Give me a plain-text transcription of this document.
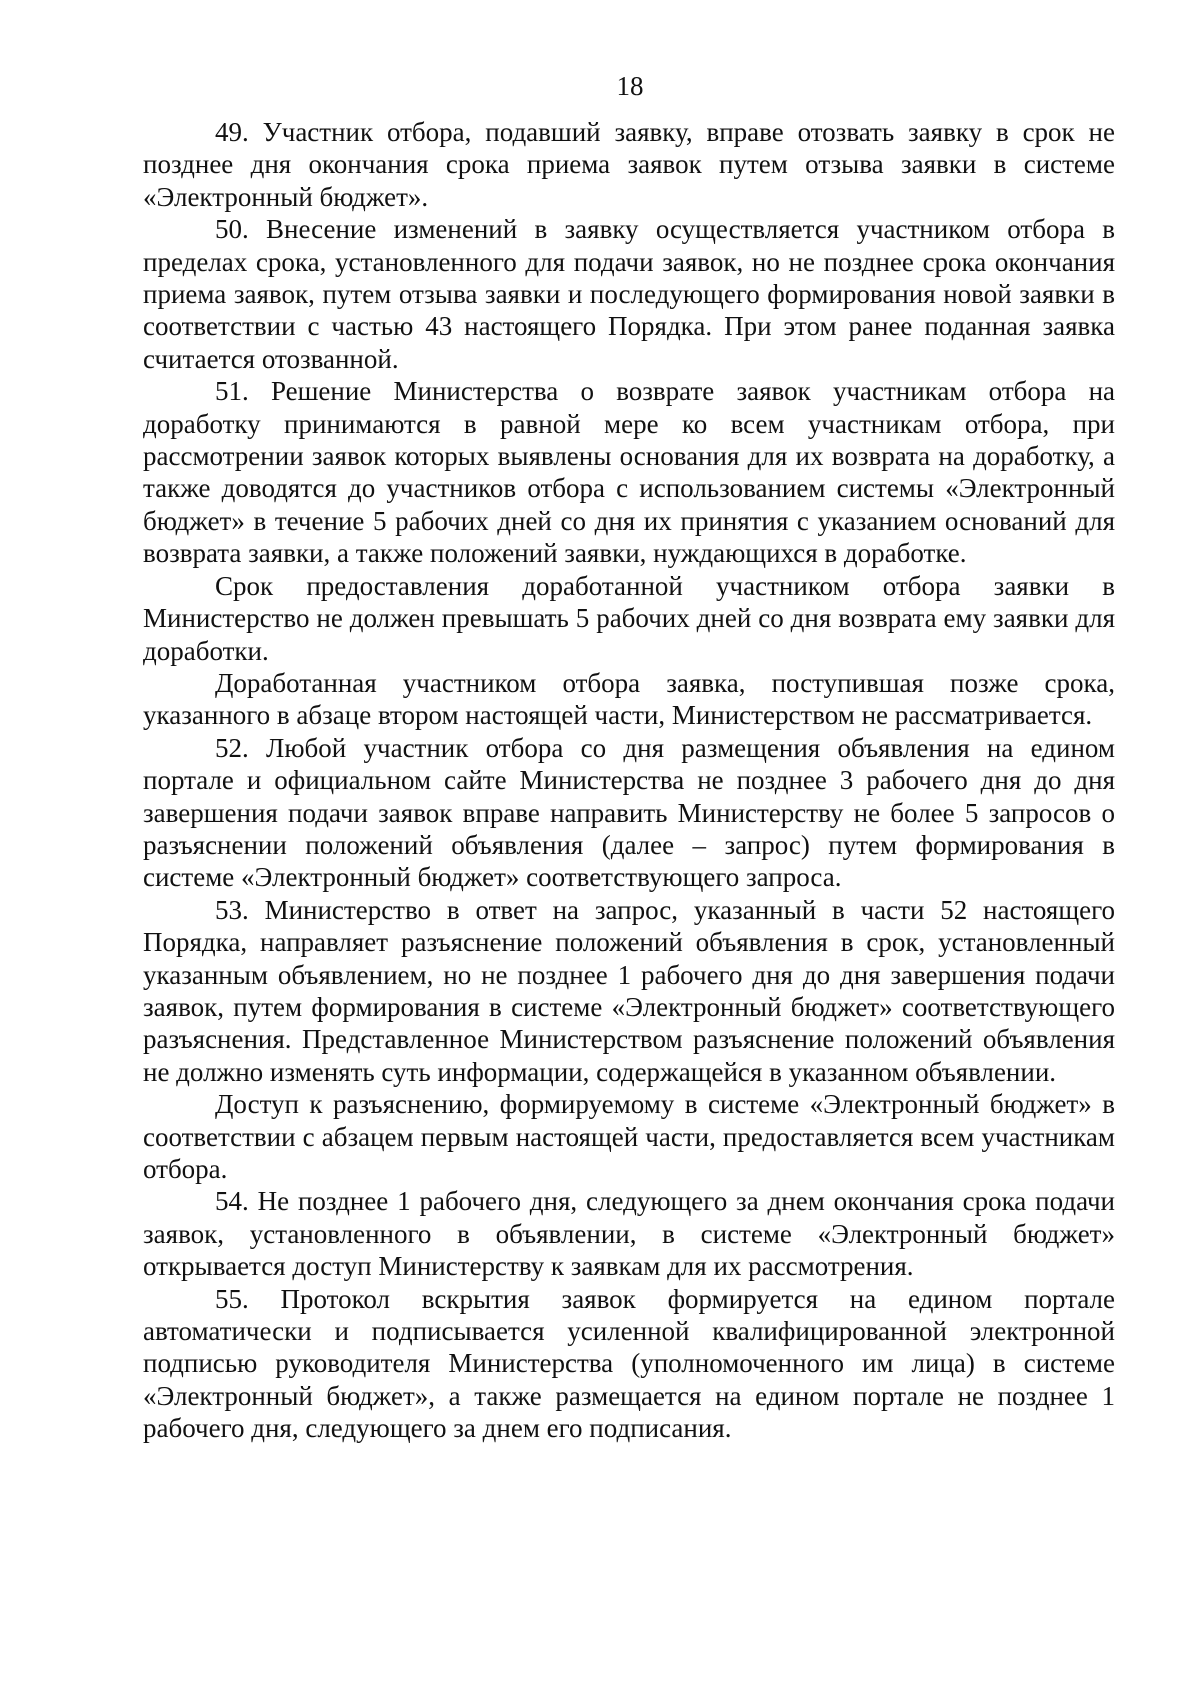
18

49. Участник отбора, подавший заявку, вправе отозвать заявку в срок не позднее дня окончания срока приема заявок путем отзыва заявки в системе «Электронный бюджет».

50. Внесение изменений в заявку осуществляется участником отбора в пределах срока, установленного для подачи заявок, но не позднее срока окончания приема заявок, путем отзыва заявки и последующего формирования новой заявки в соответствии с частью 43 настоящего Порядка. При этом ранее поданная заявка считается отозванной.

51. Решение Министерства о возврате заявок участникам отбора на доработку принимаются в равной мере ко всем участникам отбора, при рассмотрении заявок которых выявлены основания для их возврата на доработку, а также доводятся до участников отбора с использованием системы «Электронный бюджет» в течение 5 рабочих дней со дня их принятия с указанием оснований для возврата заявки, а также положений заявки, нуждающихся в доработке.

Срок предоставления доработанной участником отбора заявки в Министерство не должен превышать 5 рабочих дней со дня возврата ему заявки для доработки.

Доработанная участником отбора заявка, поступившая позже срока, указанного в абзаце втором настоящей части, Министерством не рассматривается.

52. Любой участник отбора со дня размещения объявления на едином портале и официальном сайте Министерства не позднее 3 рабочего дня до дня завершения подачи заявок вправе направить Министерству не более 5 запросов о разъяснении положений объявления (далее – запрос) путем формирования в системе «Электронный бюджет» соответствующего запроса.

53. Министерство в ответ на запрос, указанный в части 52 настоящего Порядка, направляет разъяснение положений объявления в срок, установленный указанным объявлением, но не позднее 1 рабочего дня до дня завершения подачи заявок, путем формирования в системе «Электронный бюджет» соответствующего разъяснения. Представленное Министерством разъяснение положений объявления не должно изменять суть информации, содержащейся в указанном объявлении.

Доступ к разъяснению, формируемому в системе «Электронный бюджет» в соответствии с абзацем первым настоящей части, предоставляется всем участникам отбора.

54. Не позднее 1 рабочего дня, следующего за днем окончания срока подачи заявок, установленного в объявлении, в системе «Электронный бюджет» открывается доступ Министерству к заявкам для их рассмотрения.

55. Протокол вскрытия заявок формируется на едином портале автоматически и подписывается усиленной квалифицированной электронной подписью руководителя Министерства (уполномоченного им лица) в системе «Электронный бюджет», а также размещается на едином портале не позднее 1 рабочего дня, следующего за днем его подписания.
